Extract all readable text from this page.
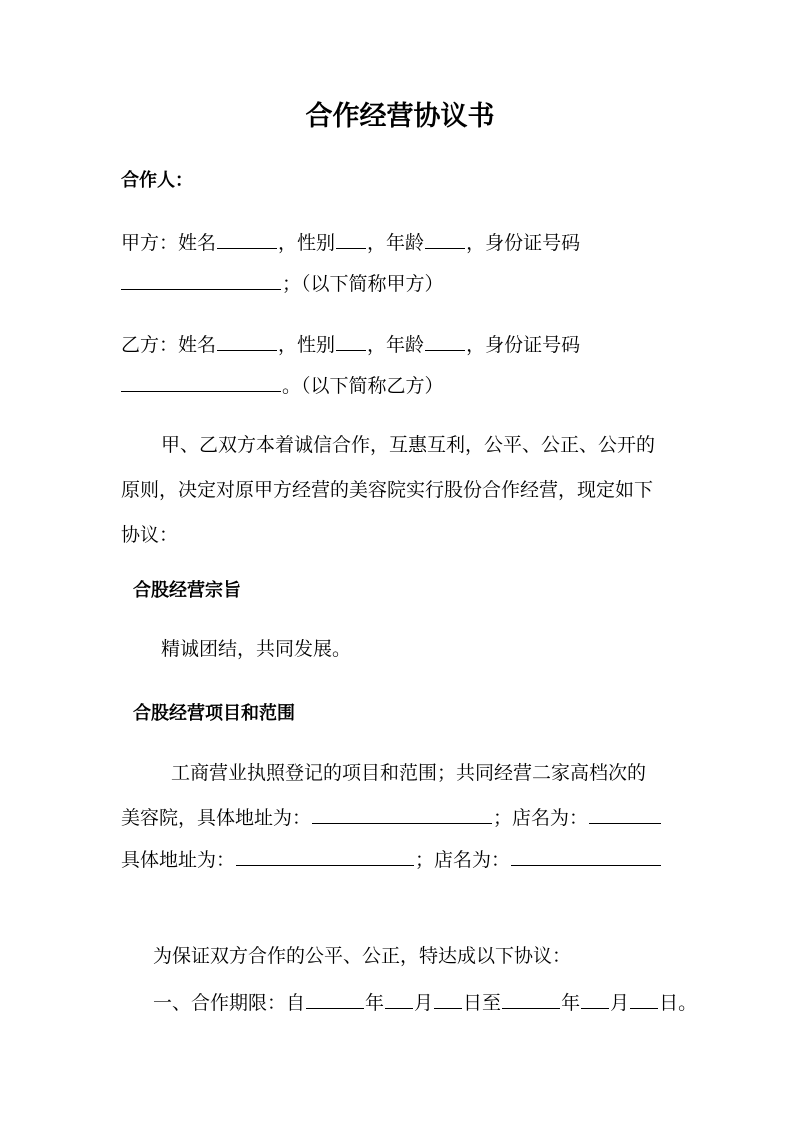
合作经营协议书
合作人：
甲方：姓名	，性别 ，年龄 ，身份证号码
；（以下简称甲方）
乙方：姓名	，性别 ，年龄 ，身份证号码
。（以下简称乙方）
甲、乙双方本着诚信合作，互惠互利，公平、公正、公开的
原则，决定对原甲方经营的美容院实行股份合作经营，现定如下
协议：
合股经营宗旨
精诚团结，共同发展。
合股经营项目和范围
工商营业执照登记的项目和范围；共同经营二家高档次的
美容院，具体地址为：	；店名为：
具体地址为：	；店名为：
为保证双方合作的公平、公正，特达成以下协议：
一、合作期限：自	年 月 日至	年 月 日。
